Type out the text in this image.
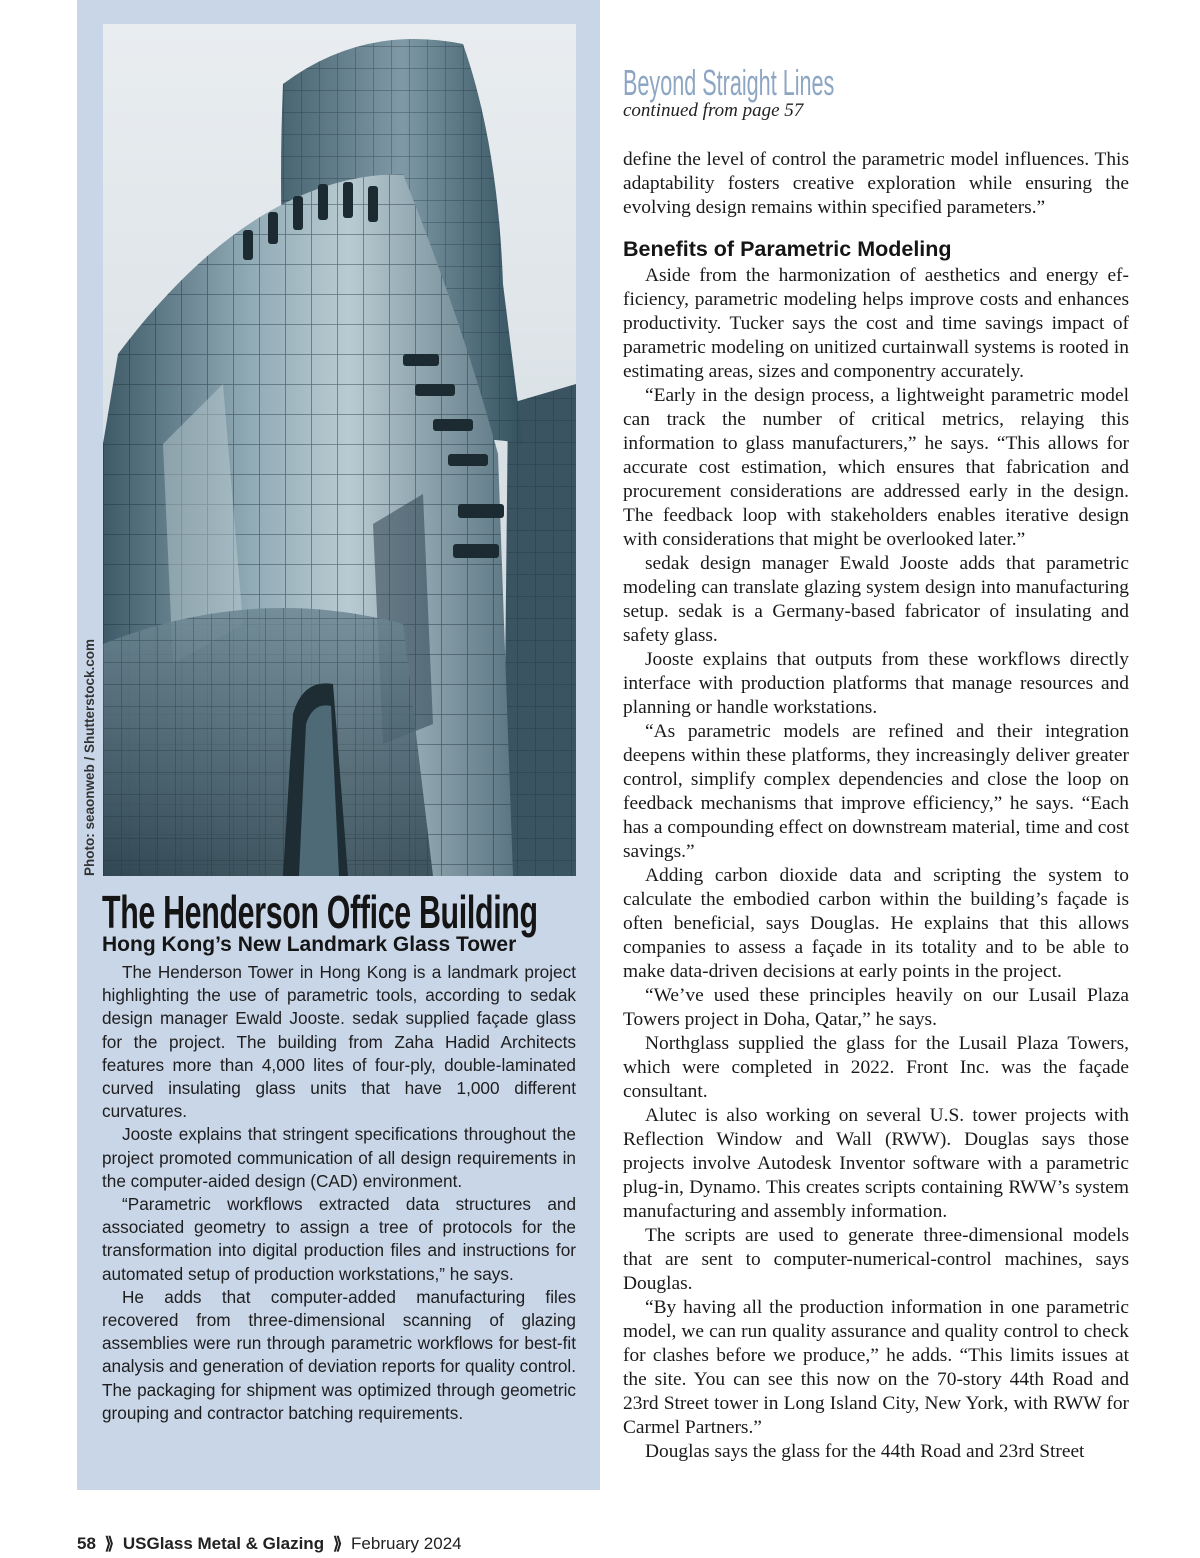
Photo: seaonweb / Shutterstock.com
The Henderson Office Building
Hong Kong’s New Landmark Glass Tower

The Henderson Tower in Hong Kong is a landmark project highlighting the use of parametric tools, according to sedak design manager Ewald Jooste. sedak supplied façade glass for the project. The building from Zaha Hadid Architects features more than 4,000 lites of four-ply, double-laminated curved insulating glass units that have 1,000 different curvatures.

Jooste explains that stringent specifications throughout the project promoted communication of all design requirements in the computer-aided design (CAD) environment.

“Parametric workflows extracted data structures and associated geometry to assign a tree of protocols for the transformation into digital production files and instructions for automated setup of production workstations,” he says.

He adds that computer-added manufacturing files recovered from three-dimensional scanning of glazing assemblies were run through parametric workflows for best-fit analysis and generation of deviation reports for quality control. The packaging for shipment was optimized through geometric grouping and contractor batching requirements.

Beyond Straight Lines
continued from page 57

define the level of control the parametric model influences. This adaptability fosters creative exploration while ensuring the evolving design remains within specified parameters.”

Benefits of Parametric Modeling

Aside from the harmonization of aesthetics and energy efficiency, parametric modeling helps improve costs and enhances productivity. Tucker says the cost and time savings impact of parametric modeling on unitized curtainwall systems is rooted in estimating areas, sizes and componentry accurately.

“Early in the design process, a lightweight parametric model can track the number of critical metrics, relaying this information to glass manufacturers,” he says. “This allows for accurate cost estimation, which ensures that fabrication and procurement considerations are addressed early in the design. The feedback loop with stakeholders enables iterative design with considerations that might be overlooked later.”

sedak design manager Ewald Jooste adds that parametric modeling can translate glazing system design into manufacturing setup. sedak is a Germany-based fabricator of insulating and safety glass.

Jooste explains that outputs from these workflows directly interface with production platforms that manage resources and planning or handle workstations.

“As parametric models are refined and their integration deepens within these platforms, they increasingly deliver greater control, simplify complex dependencies and close the loop on feedback mechanisms that improve efficiency,” he says. “Each has a compounding effect on downstream material, time and cost savings.”

Adding carbon dioxide data and scripting the system to calculate the embodied carbon within the building’s façade is often beneficial, says Douglas. He explains that this allows companies to assess a façade in its totality and to be able to make data-driven decisions at early points in the project.

“We’ve used these principles heavily on our Lusail Plaza Towers project in Doha, Qatar,” he says.

Northglass supplied the glass for the Lusail Plaza Towers, which were completed in 2022. Front Inc. was the façade consultant.

Alutec is also working on several U.S. tower projects with Reflection Window and Wall (RWW). Douglas says those projects involve Autodesk Inventor software with a parametric plug-in, Dynamo. This creates scripts containing RWW’s system manufacturing and assembly information.

The scripts are used to generate three-dimensional models that are sent to computer-numerical-control machines, says Douglas.

“By having all the production information in one parametric model, we can run quality assurance and quality control to check for clashes before we produce,” he adds. “This limits issues at the site. You can see this now on the 70-story 44th Road and 23rd Street tower in Long Island City, New York, with RWW for Carmel Partners.”

Douglas says the glass for the 44th Road and 23rd Street

58 ⟫ USGlass Metal & Glazing ⟫ February 2024
